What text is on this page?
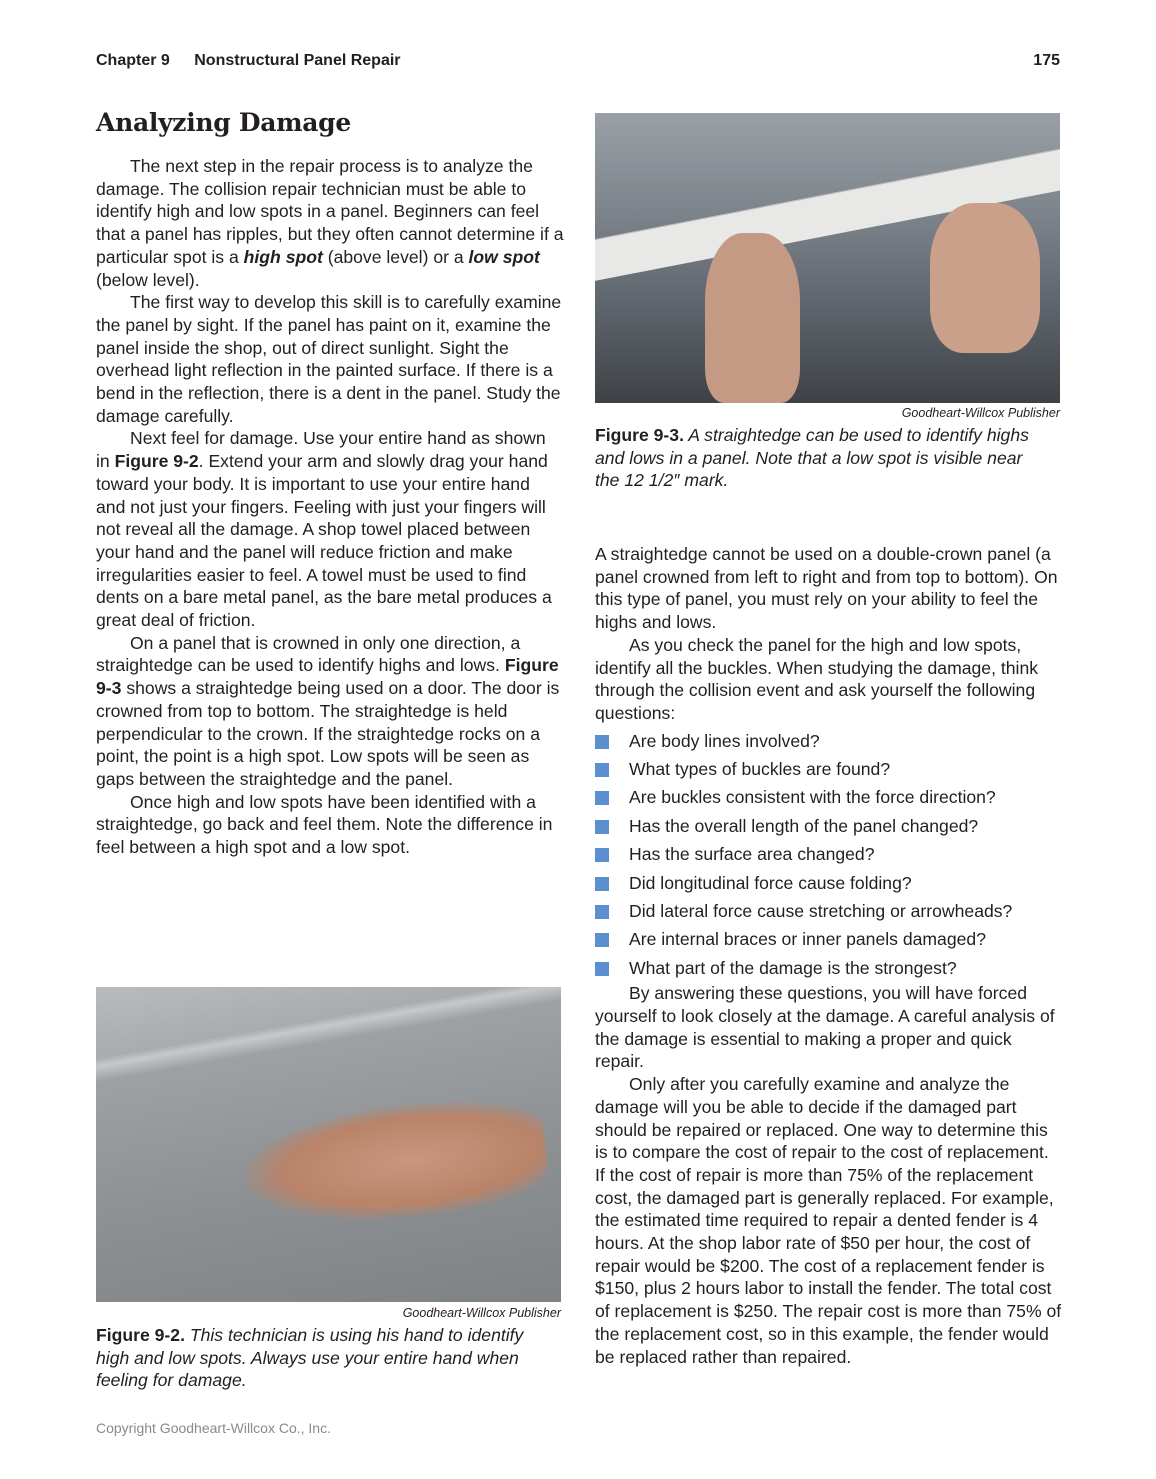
Chapter 9 Nonstructural Panel Repair	175
Analyzing Damage

The next step in the repair process is to analyze the damage. The collision repair technician must be able to identify high and low spots in a panel. Beginners can feel that a panel has ripples, but they often cannot determine if a particular spot is a high spot (above level) or a low spot (below level).

The first way to develop this skill is to carefully examine the panel by sight. If the panel has paint on it, examine the panel inside the shop, out of direct sunlight. Sight the overhead light reflection in the painted surface. If there is a bend in the reflection, there is a dent in the panel. Study the damage carefully.

Next feel for damage. Use your entire hand as shown in Figure 9-2. Extend your arm and slowly drag your hand toward your body. It is important to use your entire hand and not just your fingers. Feeling with just your fingers will not reveal all the damage. A shop towel placed between your hand and the panel will reduce friction and make irregularities easier to feel. A towel must be used to find dents on a bare metal panel, as the bare metal produces a great deal of friction.

On a panel that is crowned in only one direction, a straightedge can be used to identify highs and lows. Figure 9-3 shows a straightedge being used on a door. The door is crowned from top to bottom. The straightedge is held perpendicular to the crown. If the straightedge rocks on a point, the point is a high spot. Low spots will be seen as gaps between the straightedge and the panel.

Once high and low spots have been identified with a straightedge, go back and feel them. Note the difference in feel between a high spot and a low spot.

Goodheart-Willcox Publisher
Figure 9-2. This technician is using his hand to identify high and low spots. Always use your entire hand when feeling for damage.
Goodheart-Willcox Publisher
Figure 9-3. A straightedge can be used to identify highs and lows in a panel. Note that a low spot is visible near the 12 1/2″ mark.

A straightedge cannot be used on a double-crown panel (a panel crowned from left to right and from top to bottom). On this type of panel, you must rely on your ability to feel the highs and lows.

As you check the panel for the high and low spots, identify all the buckles. When studying the damage, think through the collision event and ask yourself the following questions:

Are body lines involved?
What types of buckles are found?
Are buckles consistent with the force direction?
Has the overall length of the panel changed?
Has the surface area changed?
Did longitudinal force cause folding?
Did lateral force cause stretching or arrowheads?
Are internal braces or inner panels damaged?
What part of the damage is the strongest?

By answering these questions, you will have forced yourself to look closely at the damage. A careful analysis of the damage is essential to making a proper and quick repair.

Only after you carefully examine and analyze the damage will you be able to decide if the damaged part should be repaired or replaced. One way to determine this is to compare the cost of repair to the cost of replacement. If the cost of repair is more than 75% of the replacement cost, the damaged part is generally replaced. For example, the estimated time required to repair a dented fender is 4 hours. At the shop labor rate of $50 per hour, the cost of repair would be $200. The cost of a replacement fender is $150, plus 2 hours labor to install the fender. The total cost of replacement is $250. The repair cost is more than 75% of the replacement cost, so in this example, the fender would be replaced rather than repaired.

Copyright Goodheart-Willcox Co., Inc.
